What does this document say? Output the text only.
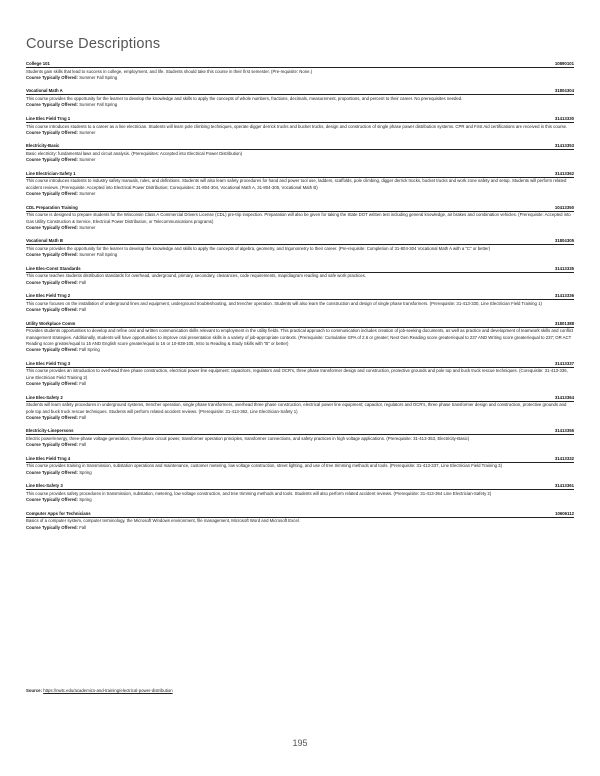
Course Descriptions
College 101	10890101
Students gain skills that lead to success in college, employment, and life. Students should take this course in their first semester. (Pre-requisite: None.)
Course Typically Offered: Summer Fall Spring
Vocational Math A	31804304
This course provides the opportunity for the learner to develop the knowledge and skills to apply the concepts of whole numbers, fractions, decimals, measurement, proportions, and percent to their career. No prerequisites needed.
Course Typically Offered: Summer Fall Spring
Line Elec Field Trng 1	31413330
This course introduces students to a career as a line electrician. Students will learn pole climbing techniques, operate digger derrick trucks and bucket trucks, design and construction of single phase power distribution systems. CPR and First Aid certifications are received in this course.
Course Typically Offered: Summer
Electricity-Basic	31413353
Basic electricity: fundamental laws and circuit analysis. (Prerequisites: Accepted into Electrical Power Distribution)
Course Typically Offered: Summer
Line Electrician-Safety 1	31413362
This course introduces students to industry safety manuals, rules, and definitions. Students will also learn safety procedures for hand and power tool use, ladders, scaffolds, pole climbing, digger derrick trucks, bucket trucks and work zone safety and setup. Students will perform related accident reviews. (Prerequisite: Accepted into Electrical Power Distribution; Corequisites: 31-804-304, Vocational Math A, 31-804-305, Vocational Math B)
Course Typically Offered: Summer
CDL Preparation Training	10413350
This course is designed to prepare students for the Wisconsin Class A Commercial Drivers License (CDL) pre-trip inspection. Preparation will also be given for taking the State DOT written test including general knowledge, air brakes and combination vehicles. (Prerequisite: Accepted into Gas Utility Construction & Service, Electrical Power Distribution, or Telecommunications programs)
Course Typically Offered: Summer
Vocational Math B	31804305
This course provides the opportunity for the learner to develop the knowledge and skills to apply the concepts of algebra, geometry, and trigonometry to their career. (Pre-requisite: Completion of 31-804-304 Vocational Math A with a "C" or better)
Course Typically Offered: Summer Fall Spring
Line Elec-Const Standards	31413335
This course teaches students distribution standards for overhead, underground, primary, secondary, clearances, code requirements, map/diagram reading and safe work practices.
Course Typically Offered: Fall
Line Elec Field Trng 2	31413336
This course focuses on the installation of underground lines and equipment, underground troubleshooting, and trencher operation. Students will also learn the construction and design of single phase transformers. (Prerequisite: 31-413-330, Line Electrician Field Training 1)
Course Typically Offered: Fall
Utility Workplace Comm	31801388
Provides students opportunities to develop and refine oral and written communication skills relevant to employment in the utility fields. This practical approach to communication includes creation of job-seeking documents, as well as practice and development of teamwork skills and conflict management strategies. Additionally, students will have opportunities to improve oral presentation skills in a variety of job-appropriate contexts. (Prerequisite: Cumulative GPA of 2.6 or greater; Next Gen Reading score greater/equal to 237 AND Writing score greater/equal to 237; OR ACT Reading score greater/equal to 15 AND English score greater/equal to 16 or 10-838-105, Intro to Reading & Study Skills with "B" or better)
Course Typically Offered: Fall Spring
Line Elec Field Trng 3	31413337
This course provides an introduction to overhead three phase construction, electrical power line equipment; capacitors, regulators and OCR's, three phase transformer design and construction, protective grounds and pole top and buck truck rescue techniques. (Corequisite: 31-413-336, Line Electrician Field Training 2)
Course Typically Offered: Fall
Line Elec-Safety 2	31413364
Students will learn safety procedures in underground systems, trencher operation, single phase transformers, overhead three phase construction, electrical power line equipment; capacitor, regulators and OCR's, three phase transformer design and construction, protective grounds and pole top and buck truck rescue techniques. Students will perform related accident reviews. (Prerequisite: 31-413-362, Line Electrician-Safety 1)
Course Typically Offered: Fall
Electricity-Linepersons	31413355
Electric power/energy, three-phase voltage generation, three-phase circuit power, transformer operation principles, transformer connections, and safety practices in high voltage applications. (Prerequisite: 31-413-353, Electricity-Basic)
Course Typically Offered: Fall
Line Elec Field Trng 4	31413332
This course provides training in transmission, substation operations and maintenance, customer metering, low voltage construction, street lighting, and use of tree trimming methods and tools. (Prerequisite: 31-413-337, Line Electrician Field Training 3)
Course Typically Offered: Spring
Line Elec-Safety 3	31413361
This course provides safety procedures in transmission, substation, metering, low voltage construction, and tree trimming methods and tools. Students will also perform related accident reviews. (Prerequisite: 31-413-364 Line Electrician-Safety 2)
Course Typically Offered: Spring
Computer Apps for Technicians	10606112
Basics of a computer system, computer terminology, the Microsoft Windows environment, file management, Microsoft Word and Microsoft Excel.
Course Typically Offered: Fall
Source: https://nwtc.edu/academics-and-training/electrical-power-distribution
195
